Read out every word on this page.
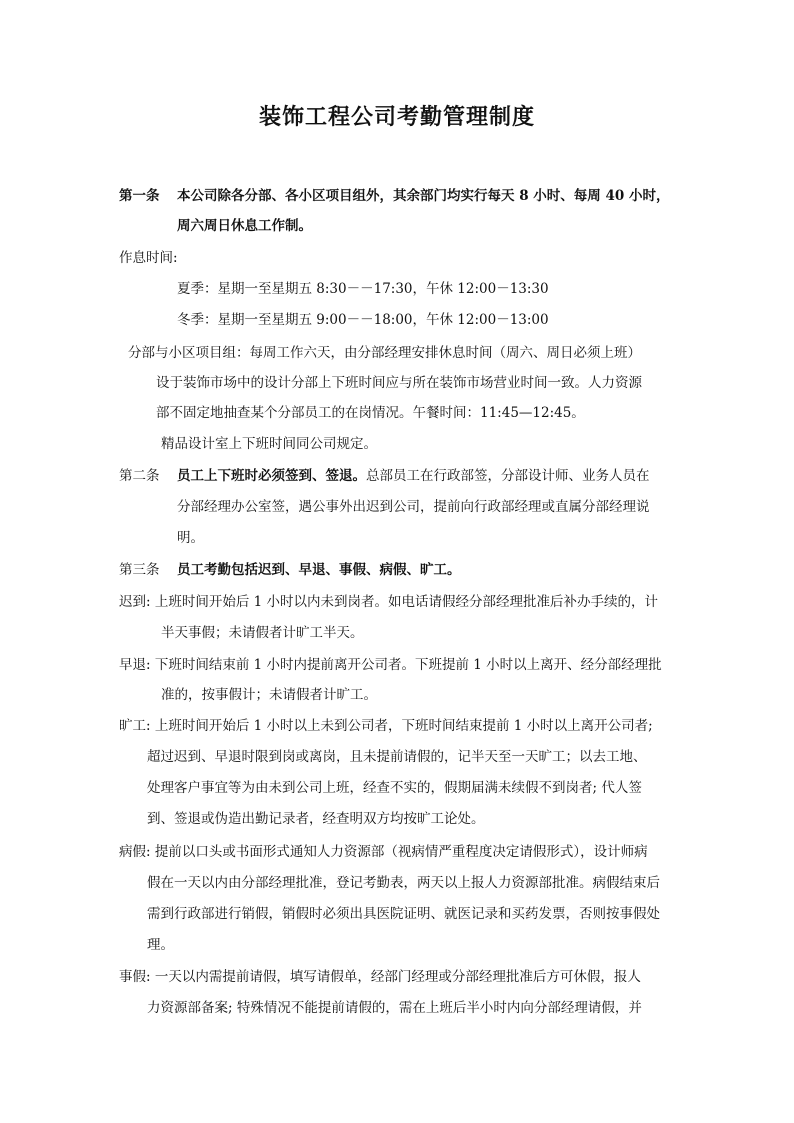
装饰工程公司考勤管理制度
第一条 本公司除各分部、各小区项目组外，其余部门均实行每天 8 小时、每周 40 小时，
周六周日休息工作制。
作息时间:
夏季：星期一至星期五 8:30－－17:30，午休 12:00－13:30
冬季：星期一至星期五 9:00－－18:00，午休 12:00－13:00
分部与小区项目组：每周工作六天，由分部经理安排休息时间（周六、周日必须上班）
设于装饰市场中的设计分部上下班时间应与所在装饰市场营业时间一致。人力资源
部不固定地抽查某个分部员工的在岗情况。午餐时间：11:45—12:45。
精品设计室上下班时间同公司规定。
第二条 员工上下班时必须签到、签退。总部员工在行政部签，分部设计师、业务人员在
分部经理办公室签，遇公事外出迟到公司，提前向行政部经理或直属分部经理说
明。
第三条 员工考勤包括迟到、早退、事假、病假、旷工。
迟到: 上班时间开始后 1 小时以内未到岗者。如电话请假经分部经理批准后补办手续的，计
半天事假；未请假者计旷工半天。
早退: 下班时间结束前 1 小时内提前离开公司者。下班提前 1 小时以上离开、经分部经理批
准的，按事假计；未请假者计旷工。
旷工: 上班时间开始后 1 小时以上未到公司者，下班时间结束提前 1 小时以上离开公司者;
超过迟到、早退时限到岗或离岗，且未提前请假的，记半天至一天旷工；以去工地、
处理客户事宜等为由未到公司上班，经查不实的，假期届满未续假不到岗者; 代人签
到、签退或伪造出勤记录者，经查明双方均按旷工论处。
病假: 提前以口头或书面形式通知人力资源部（视病情严重程度决定请假形式），设计师病
假在一天以内由分部经理批准，登记考勤表，两天以上报人力资源部批准。病假结束后
需到行政部进行销假，销假时必须出具医院证明、就医记录和买药发票，否则按事假处
理。
事假: 一天以内需提前请假，填写请假单，经部门经理或分部经理批准后方可休假，报人
力资源部备案; 特殊情况不能提前请假的，需在上班后半小时内向分部经理请假，并
